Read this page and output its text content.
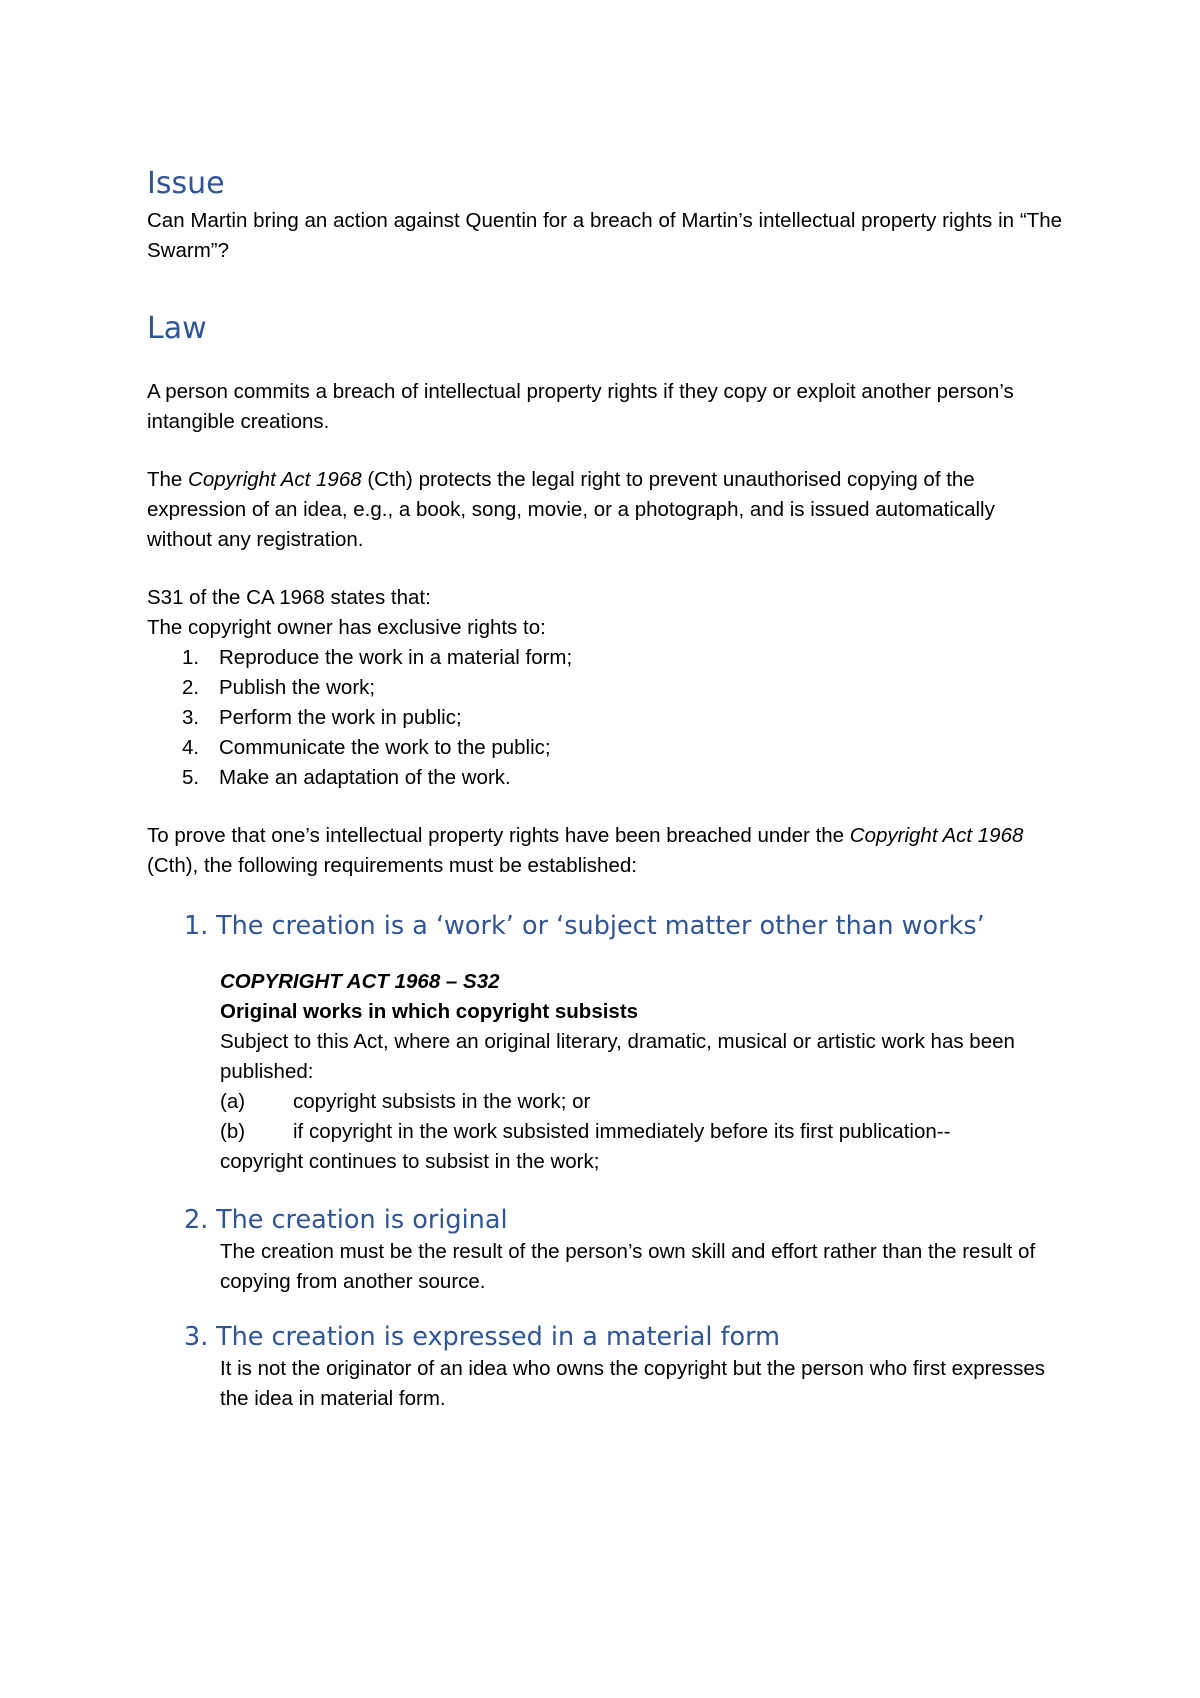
Issue

Can Martin bring an action against Quentin for a breach of Martin’s intellectual property rights in “The Swarm”?

Law

A person commits a breach of intellectual property rights if they copy or exploit another person’s intangible creations.

The Copyright Act 1968 (Cth) protects the legal right to prevent unauthorised copying of the expression of an idea, e.g., a book, song, movie, or a photograph, and is issued automatically without any registration.

S31 of the CA 1968 states that:

The copyright owner has exclusive rights to:

1. Reproduce the work in a material form;
2. Publish the work;
3. Perform the work in public;
4. Communicate the work to the public;
5. Make an adaptation of the work.

To prove that one’s intellectual property rights have been breached under the Copyright Act 1968 (Cth), the following requirements must be established:

1. The creation is a ‘work’ or ‘subject matter other than works’

COPYRIGHT ACT 1968 – S32

Original works in which copyright subsists

Subject to this Act, where an original literary, dramatic, musical or artistic work has been published:

(a)	copyright subsists in the work; or
(b)	if copyright in the work subsisted immediately before its first publication--

copyright continues to subsist in the work;

2. The creation is original

The creation must be the result of the person’s own skill and effort rather than the result of copying from another source.

3. The creation is expressed in a material form

It is not the originator of an idea who owns the copyright but the person who first expresses the idea in material form.
